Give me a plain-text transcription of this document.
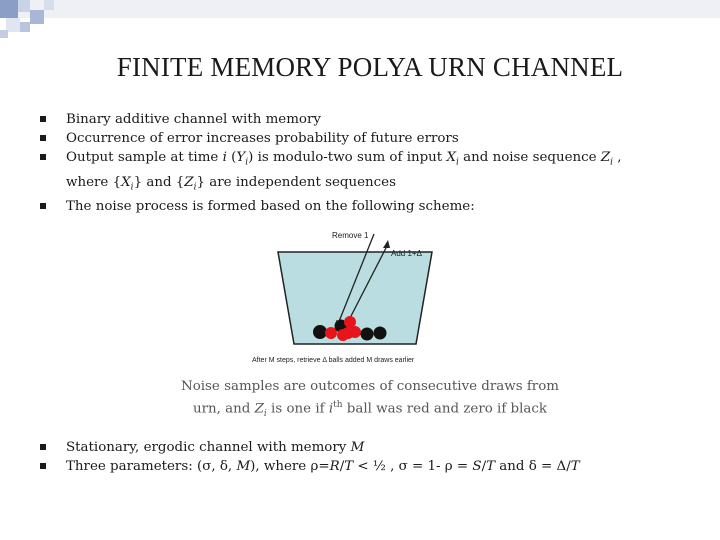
FINITE MEMORY POLYA URN CHANNEL
Binary additive channel with memory
Occurrence of error increases probability of future errors
Output sample at time i $(Y_i)$ is modulo-two sum of input $X_i$ and noise sequence $Z_i$ ,
where $\{X_i\}$ and $\{Z_i\}$ are independent sequences
The noise process is formed based on the following scheme:
Remove 1
Add 1+Δ
After M steps, retrieve Δ balls added M draws earlier
Noise samples are outcomes of consecutive draws from
urn, and $Z_i$ is one if $i^{th}$ ball was red and zero if black
Stationary, ergodic channel with memory M
Three parameters: (σ, δ, M), where ρ=R/T < ½ , σ = 1- ρ = S/T and δ = Δ/T
